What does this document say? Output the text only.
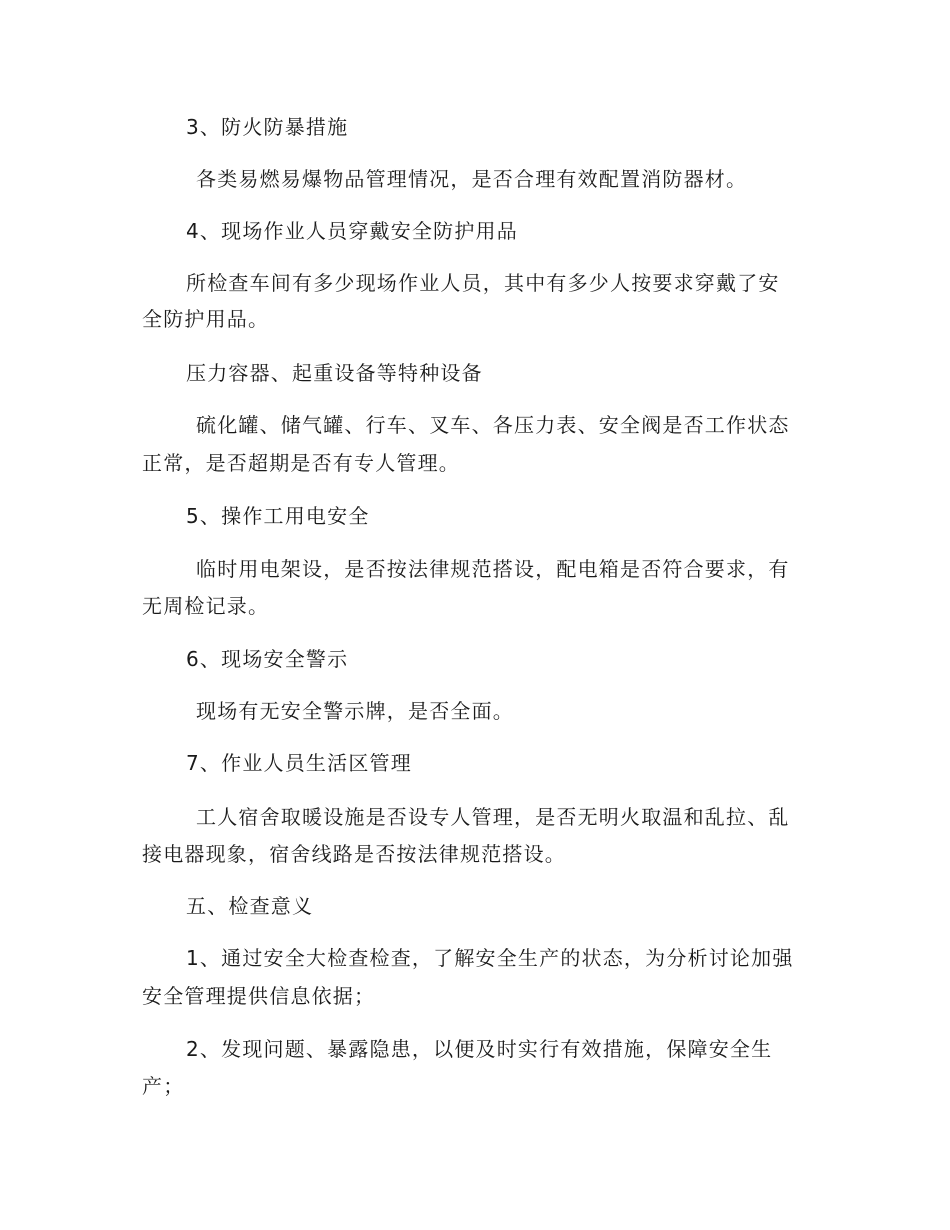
3、防火防暴措施
各类易燃易爆物品管理情况，是否合理有效配置消防器材。
4、现场作业人员穿戴安全防护用品
所检查车间有多少现场作业人员，其中有多少人按要求穿戴了安
全防护用品。
压力容器、起重设备等特种设备
硫化罐、储气罐、行车、叉车、各压力表、安全阀是否工作状态
正常，是否超期是否有专人管理。
5、操作工用电安全
临时用电架设，是否按法律规范搭设，配电箱是否符合要求，有
无周检记录。
6、现场安全警示
现场有无安全警示牌，是否全面。
7、作业人员生活区管理
工人宿舍取暖设施是否设专人管理，是否无明火取温和乱拉、乱
接电器现象，宿舍线路是否按法律规范搭设。
五、检查意义
1、通过安全大检查检查，了解安全生产的状态，为分析讨论加强
安全管理提供信息依据；
2、发现问题、暴露隐患，以便及时实行有效措施，保障安全生
产；
